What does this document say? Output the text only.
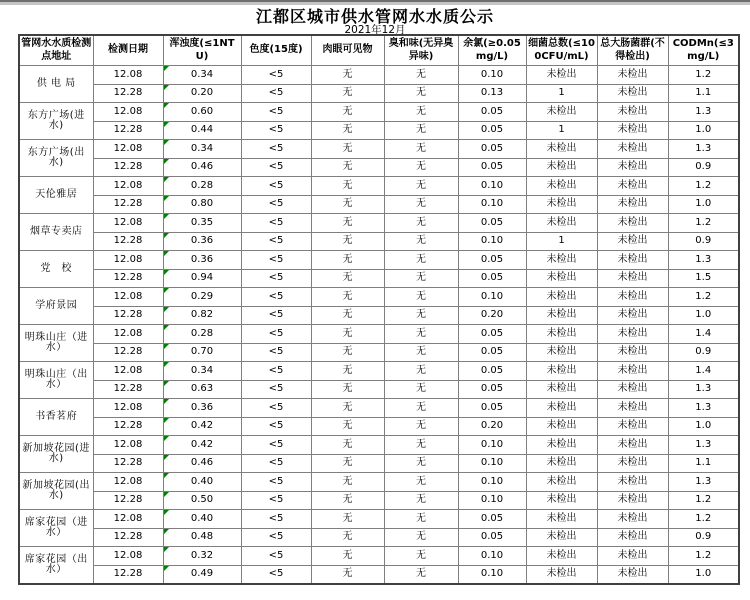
江都区城市供水管网水水质公示
2021年12月
管网水水质检测点地址	检测日期	浑浊度(≤1NTU)	色度(15度)	肉眼可见物	臭和味(无异臭异味)	余氯(≥0.05mg/L)	细菌总数(≤100CFU/mL)	总大肠菌群(不得检出)	CODMn(≤3mg/L)
供 电 局	12.08	0.34	<5	无	无	0.10	未检出	未检出	1.2
	12.28	0.20	<5	无	无	0.13	1	未检出	1.1
东方广场(进水)	12.08	0.60	<5	无	无	0.05	未检出	未检出	1.3
	12.28	0.44	<5	无	无	0.05	1	未检出	1.0
东方广场(出水)	12.08	0.34	<5	无	无	0.05	未检出	未检出	1.3
	12.28	0.46	<5	无	无	0.05	未检出	未检出	0.9
天伦雅居	12.08	0.28	<5	无	无	0.10	未检出	未检出	1.2
	12.28	0.80	<5	无	无	0.10	未检出	未检出	1.0
烟草专卖店	12.08	0.35	<5	无	无	0.05	未检出	未检出	1.2
	12.28	0.36	<5	无	无	0.10	1	未检出	0.9
党　校	12.08	0.36	<5	无	无	0.05	未检出	未检出	1.3
	12.28	0.94	<5	无	无	0.05	未检出	未检出	1.5
学府景园	12.08	0.29	<5	无	无	0.10	未检出	未检出	1.2
	12.28	0.82	<5	无	无	0.20	未检出	未检出	1.0
明珠山庄（进水）	12.08	0.28	<5	无	无	0.05	未检出	未检出	1.4
	12.28	0.70	<5	无	无	0.05	未检出	未检出	0.9
明珠山庄（出水）	12.08	0.34	<5	无	无	0.05	未检出	未检出	1.4
	12.28	0.63	<5	无	无	0.05	未检出	未检出	1.3
书香茗府	12.08	0.36	<5	无	无	0.05	未检出	未检出	1.3
	12.28	0.42	<5	无	无	0.20	未检出	未检出	1.0
新加坡花园(进水)	12.08	0.42	<5	无	无	0.10	未检出	未检出	1.3
	12.28	0.46	<5	无	无	0.10	未检出	未检出	1.1
新加坡花园(出水)	12.08	0.40	<5	无	无	0.10	未检出	未检出	1.3
	12.28	0.50	<5	无	无	0.10	未检出	未检出	1.2
席家花园（进水）	12.08	0.40	<5	无	无	0.05	未检出	未检出	1.2
	12.28	0.48	<5	无	无	0.05	未检出	未检出	0.9
席家花园（出水）	12.08	0.32	<5	无	无	0.10	未检出	未检出	1.2
	12.28	0.49	<5	无	无	0.10	未检出	未检出	1.0
